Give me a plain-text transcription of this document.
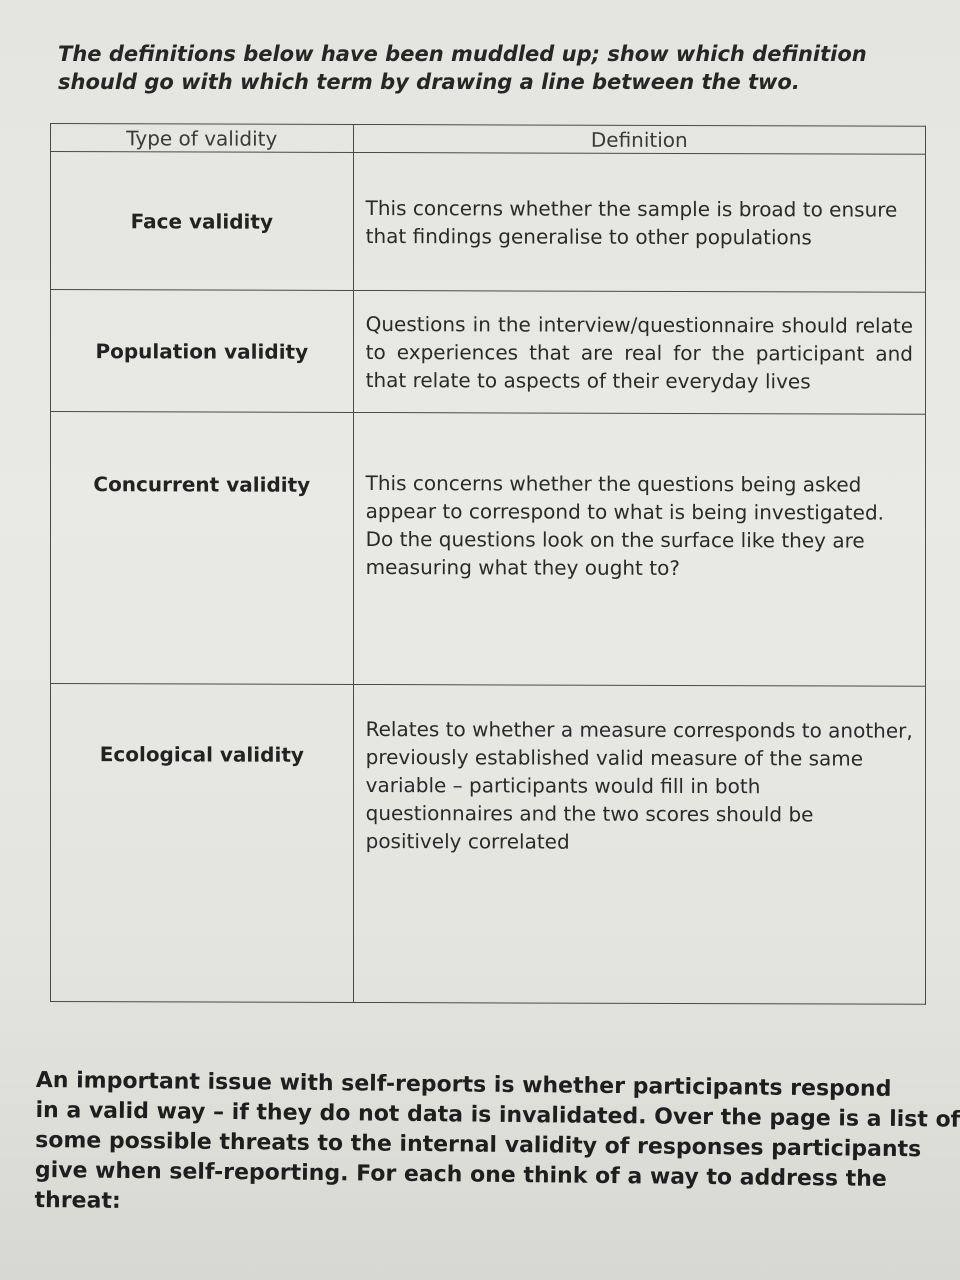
The definitions below have been muddled up; show which definition
should go with which term by drawing a line between the two.

Type of validity	Definition
Face validity	This concerns whether the sample is broad to ensure that findings generalise to other populations
Population validity	Questions in the interview/questionnaire should relate to experiences that are real for the participant and that relate to aspects of their everyday lives
Concurrent validity	This concerns whether the questions being asked appear to correspond to what is being investigated. Do the questions look on the surface like they are measuring what they ought to?
Ecological validity	Relates to whether a measure corresponds to another, previously established valid measure of the same variable – participants would fill in both questionnaires and the two scores should be positively correlated

An important issue with self-reports is whether participants respond
in a valid way – if they do not data is invalidated. Over the page is a list of
some possible threats to the internal validity of responses participants
give when self-reporting. For each one think of a way to address the
threat:
